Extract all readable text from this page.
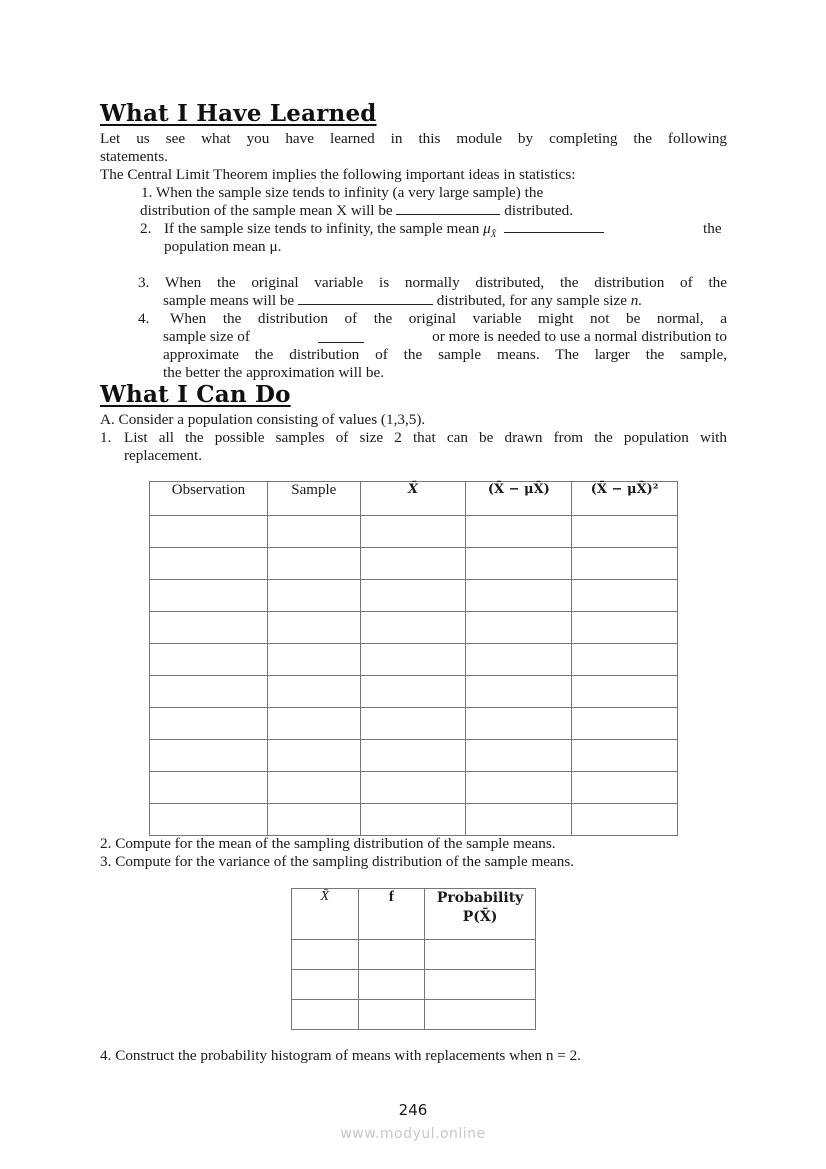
What I Have Learned
Let us see what you have learned in this module by completing the following
statements.
The Central Limit Theorem implies the following important ideas in statistics:
1. When the sample size tends to infinity (a very large sample) the
distribution of the sample mean X will be	distributed.
2. If the sample size tends to infinity, the sample mean $\mu_{X̄}$	the
population mean μ.
3. When the original variable is normally distributed, the distribution of the
sample means will be	distributed, for any sample size n.
4. When the distribution of the original variable might not be normal, a
sample size of	or more is needed to use a normal distribution to
approximate the distribution of the sample means. The larger the sample,
the better the approximation will be.
What I Can Do
A. Consider a population consisting of values (1,3,5).
1. List all the possible samples of size 2 that can be drawn from the population with
replacement.
Observation	Sample	X̄	(X̄ − μX̄)	(X̄ − μX̄)²

2. Compute for the mean of the sampling distribution of the sample means.
3. Compute for the variance of the sampling distribution of the sample means.
X̄	f	Probability
P(X̄)

4. Construct the probability histogram of means with replacements when n = 2.
246
www.modyul.online
